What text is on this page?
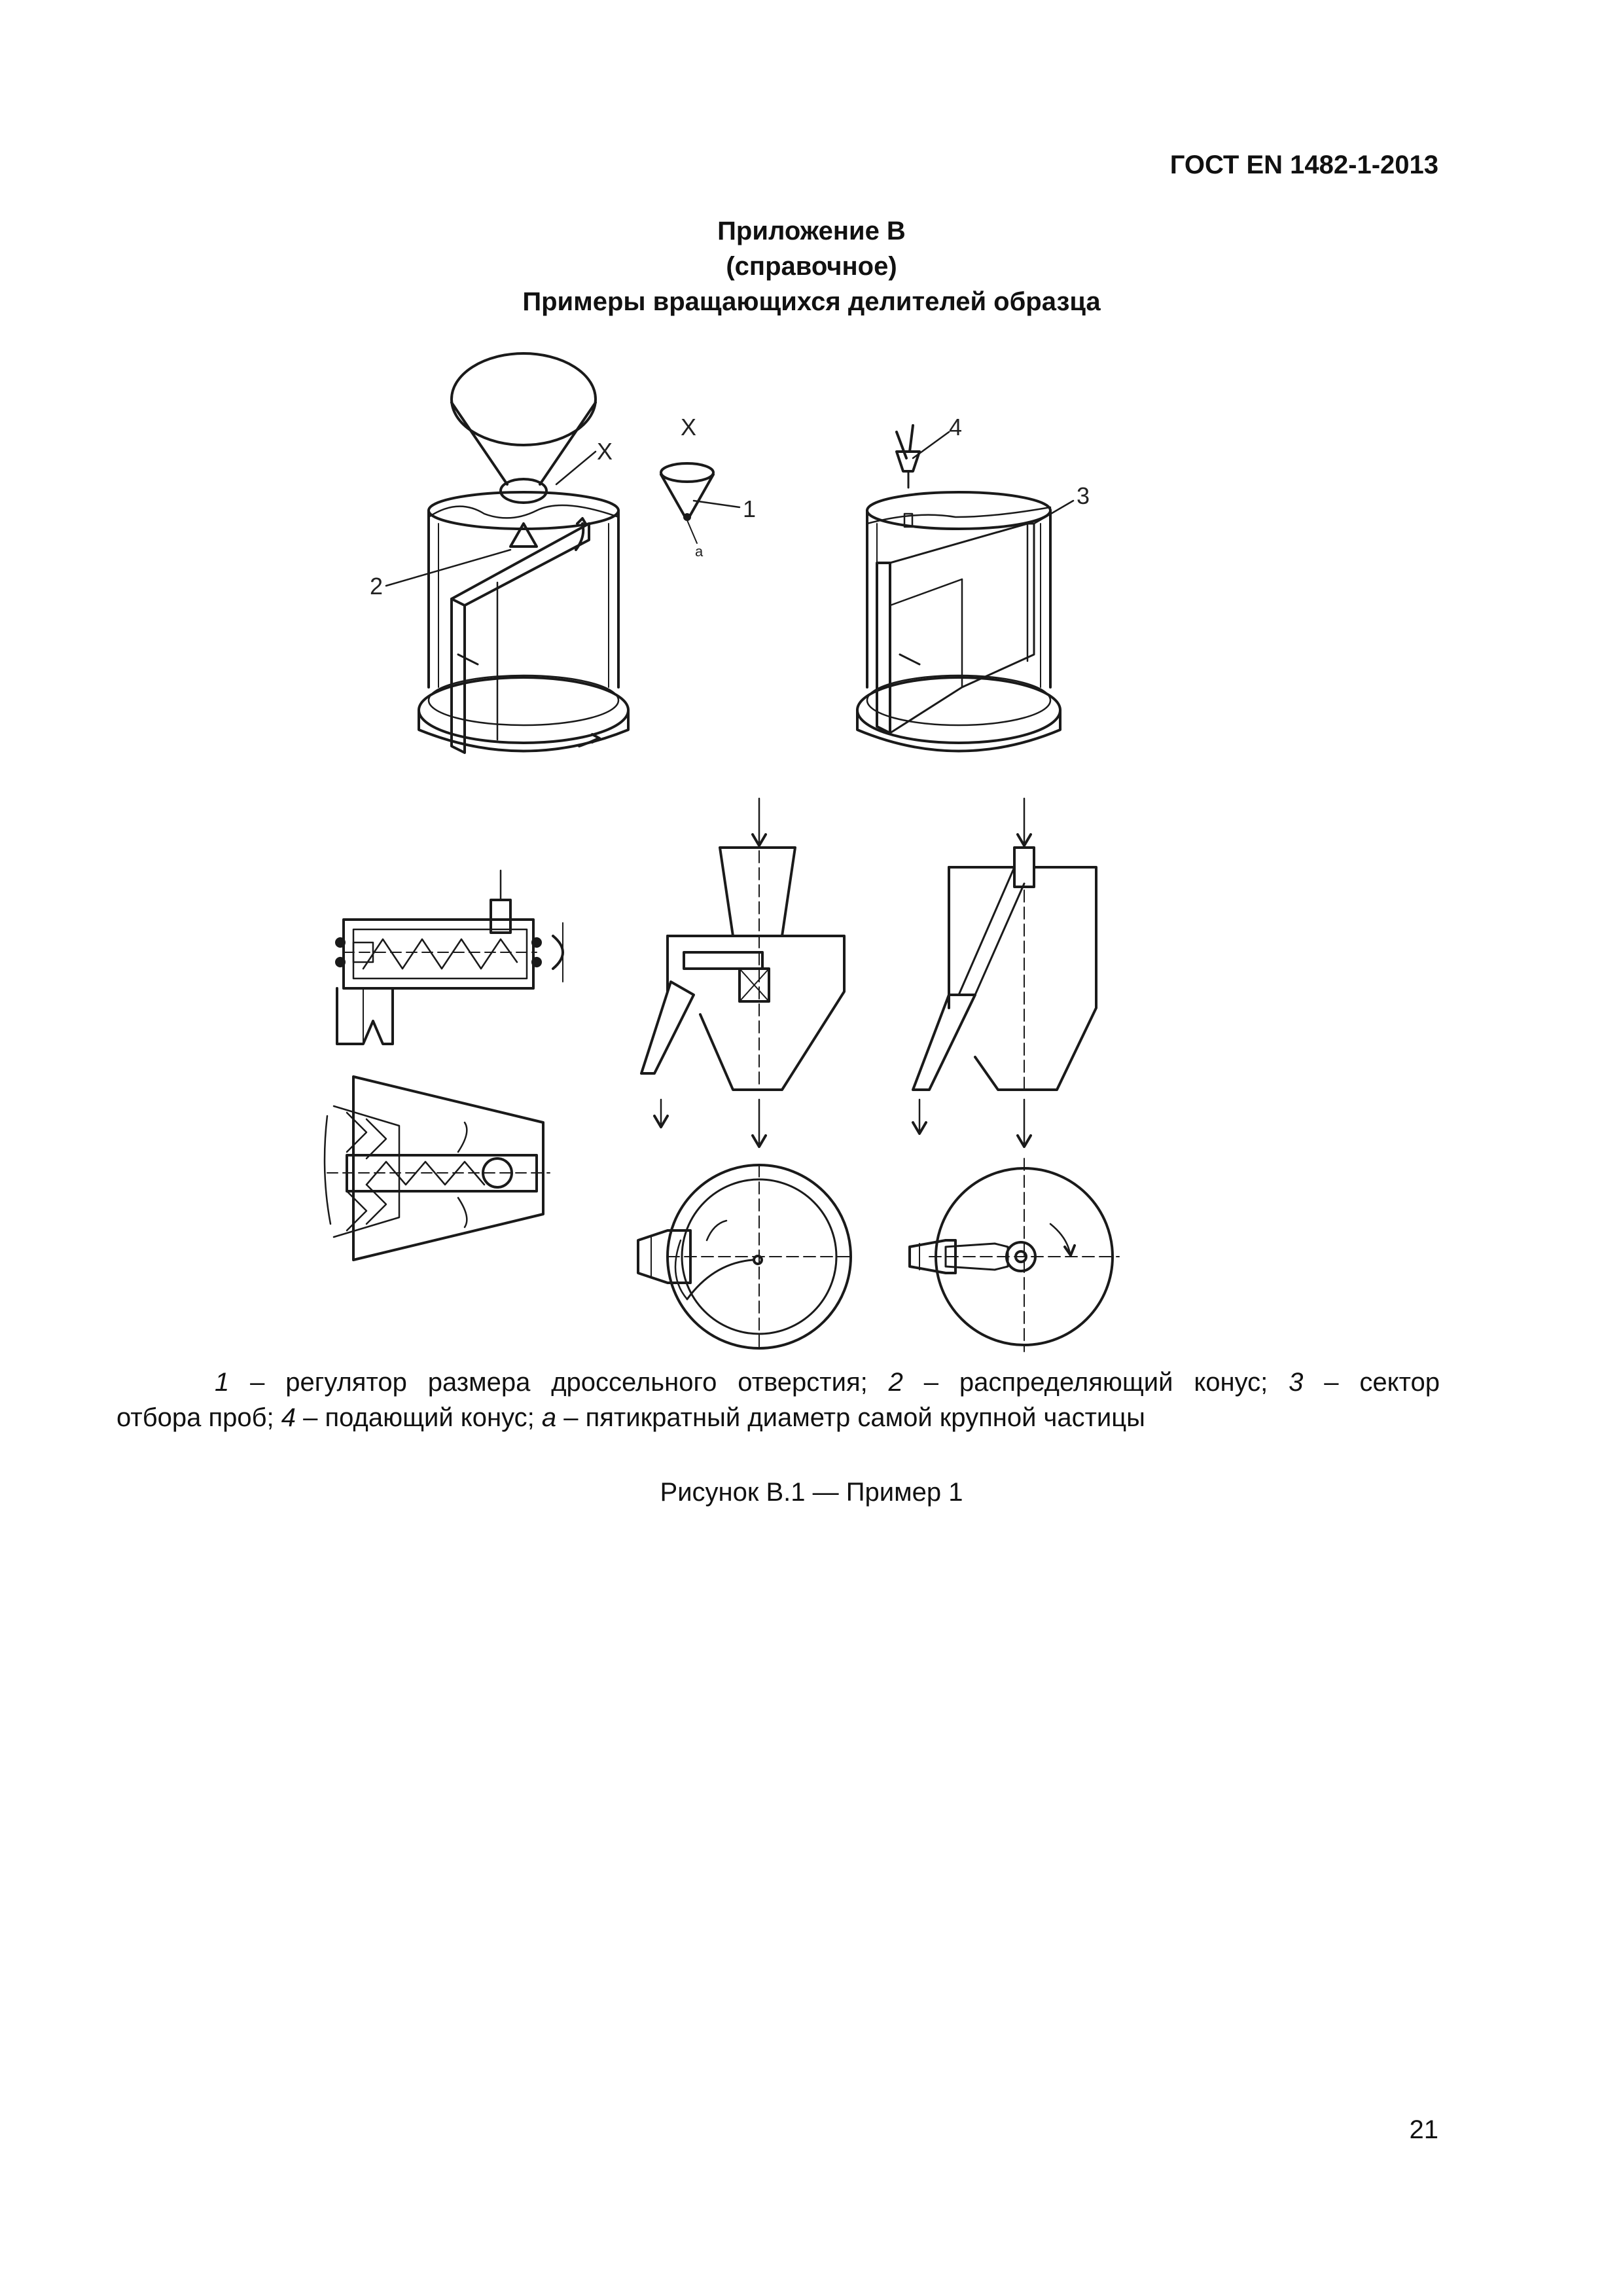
ГОСТ EN 1482-1-2013
Приложение В
(справочное)
Примеры вращающихся делителей образца
X
X
1
2
3
4
a
1 – регулятор размера дроссельного отверстия; 2 – распределяющий конус; 3 – сектор
отбора проб; 4 – подающий конус; a – пятикратный диаметр самой крупной частицы
Рисунок В.1 — Пример 1
21
